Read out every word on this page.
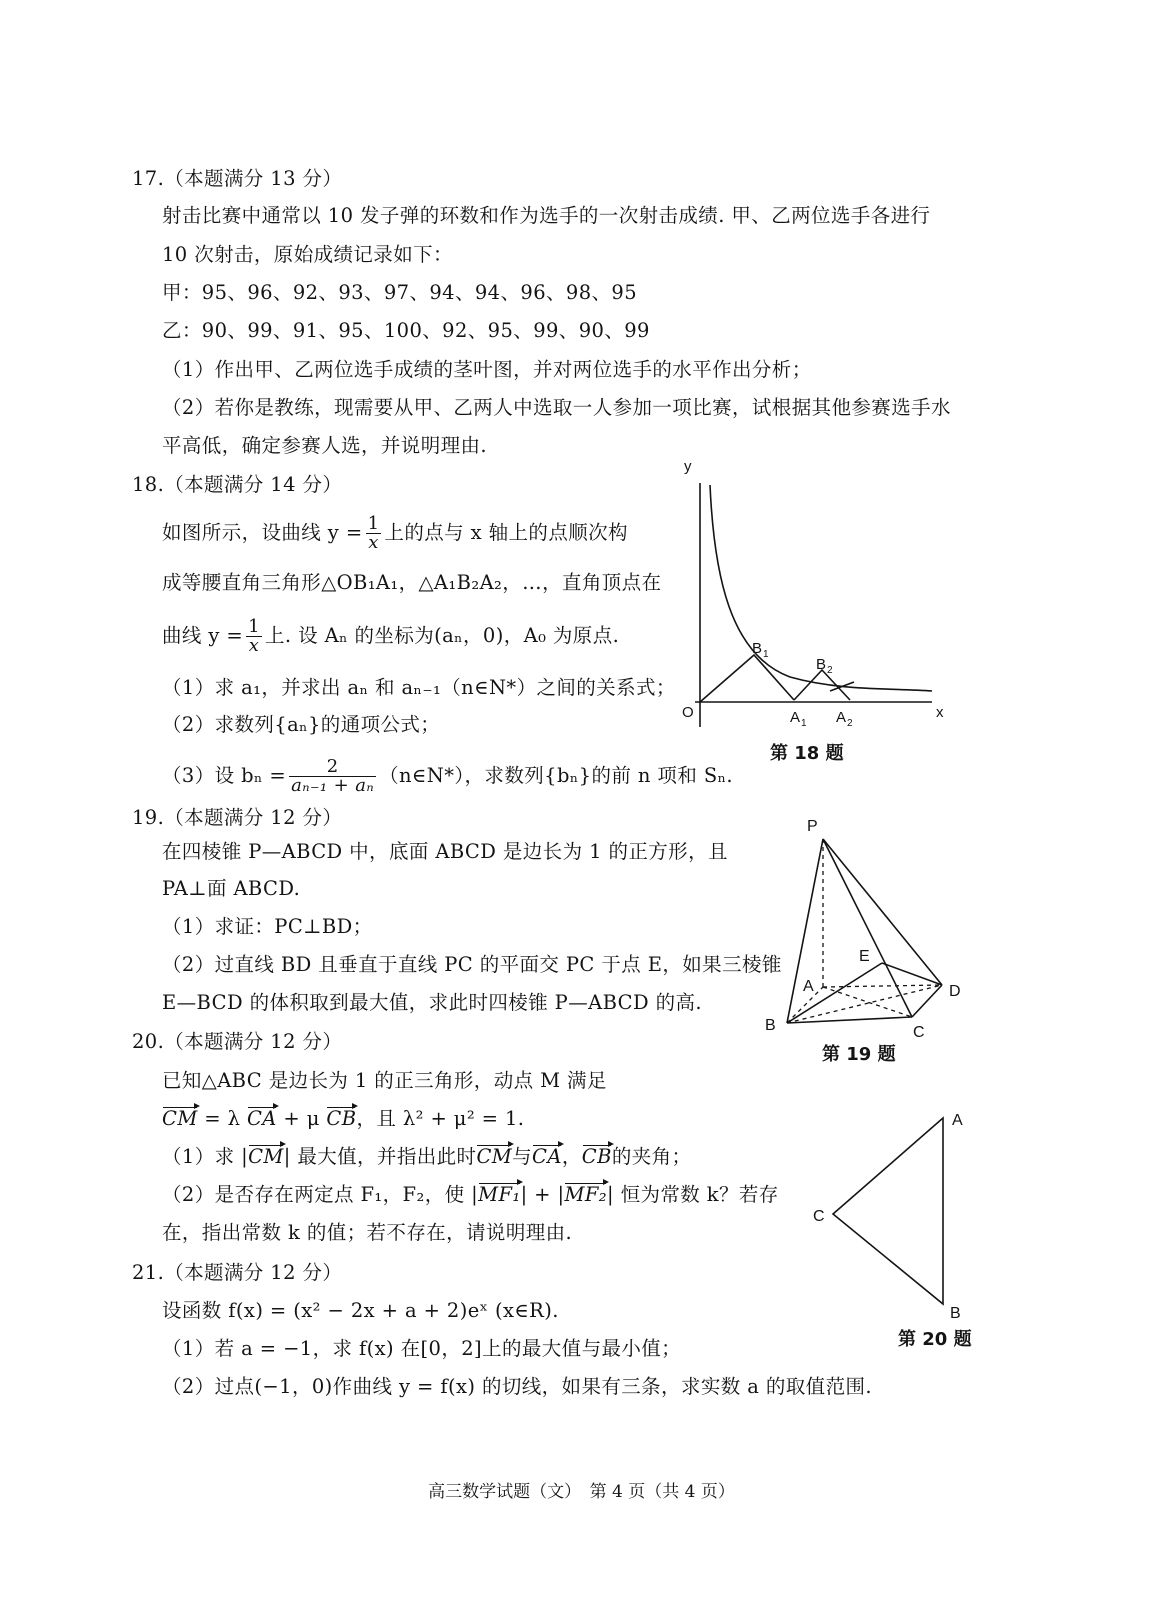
17.（本题满分 13 分）
射击比赛中通常以 10 发子弹的环数和作为选手的一次射击成绩. 甲、乙两位选手各进行
10 次射击，原始成绩记录如下：
甲：95、96、92、93、97、94、94、96、98、95
乙：90、99、91、95、100、92、95、99、90、99
（1）作出甲、乙两位选手成绩的茎叶图，并对两位选手的水平作出分析；
（2）若你是教练，现需要从甲、乙两人中选取一人参加一项比赛，试根据其他参赛选手水
平高低，确定参赛人选，并说明理由.
18.（本题满分 14 分）
如图所示，设曲线 $y = \frac{1}{x}$ 上的点与 x 轴上的点顺次构
成等腰直角三角形△OB₁A₁，△A₁B₂A₂，…，直角顶点在
曲线 $y = \frac{1}{x}$ 上. 设 Aₙ 的坐标为(aₙ，0)，A₀ 为原点.
（1）求 a₁，并求出 aₙ 和 aₙ₋₁（n∈N*）之间的关系式；
（2）求数列{aₙ}的通项公式；
（3）设 $b_n = \frac{2}{\text{aₙ₋₁ + aₙ}}$ （n∈N*），求数列{bₙ}的前 n 项和 Sₙ.
y
x
O
B 1
B 2
A 1 A 2
第 18 题
19.（本题满分 12 分）
在四棱锥 P—ABCD 中，底面 ABCD 是边长为 1 的正方形，且
PA⊥面 ABCD.
（1）求证：PC⊥BD；
（2）过直线 BD 且垂直于直线 PC 的平面交 PC 于点 E，如果三棱锥
E—BCD 的体积取到最大值，求此时四棱锥 P—ABCD 的高.
P
E
A
B	C
D
第 19 题
20.（本题满分 12 分）
已知△ABC 是边长为 1 的正三角形，动点 M 满足
CM = λ CA + μ CB，且 λ² + μ² = 1.
（1）求 |CM| 最大值，并指出此时CM与CA，CB的夹角；
（2）是否存在两定点 F₁，F₂，使 |MF₁| + |MF₂| 恒为常数 k？若存
在，指出常数 k 的值；若不存在，请说明理由.
A
B
C
第 20 题
21.（本题满分 12 分）
设函数 f(x) = (x² − 2x + a + 2)eˣ (x∈R).
（1）若 a = −1，求 f(x) 在[0，2]上的最大值与最小值；
（2）过点(−1，0)作曲线 y = f(x) 的切线，如果有三条，求实数 a 的取值范围.
高三数学试题（文）　第 4 页（共 4 页）
